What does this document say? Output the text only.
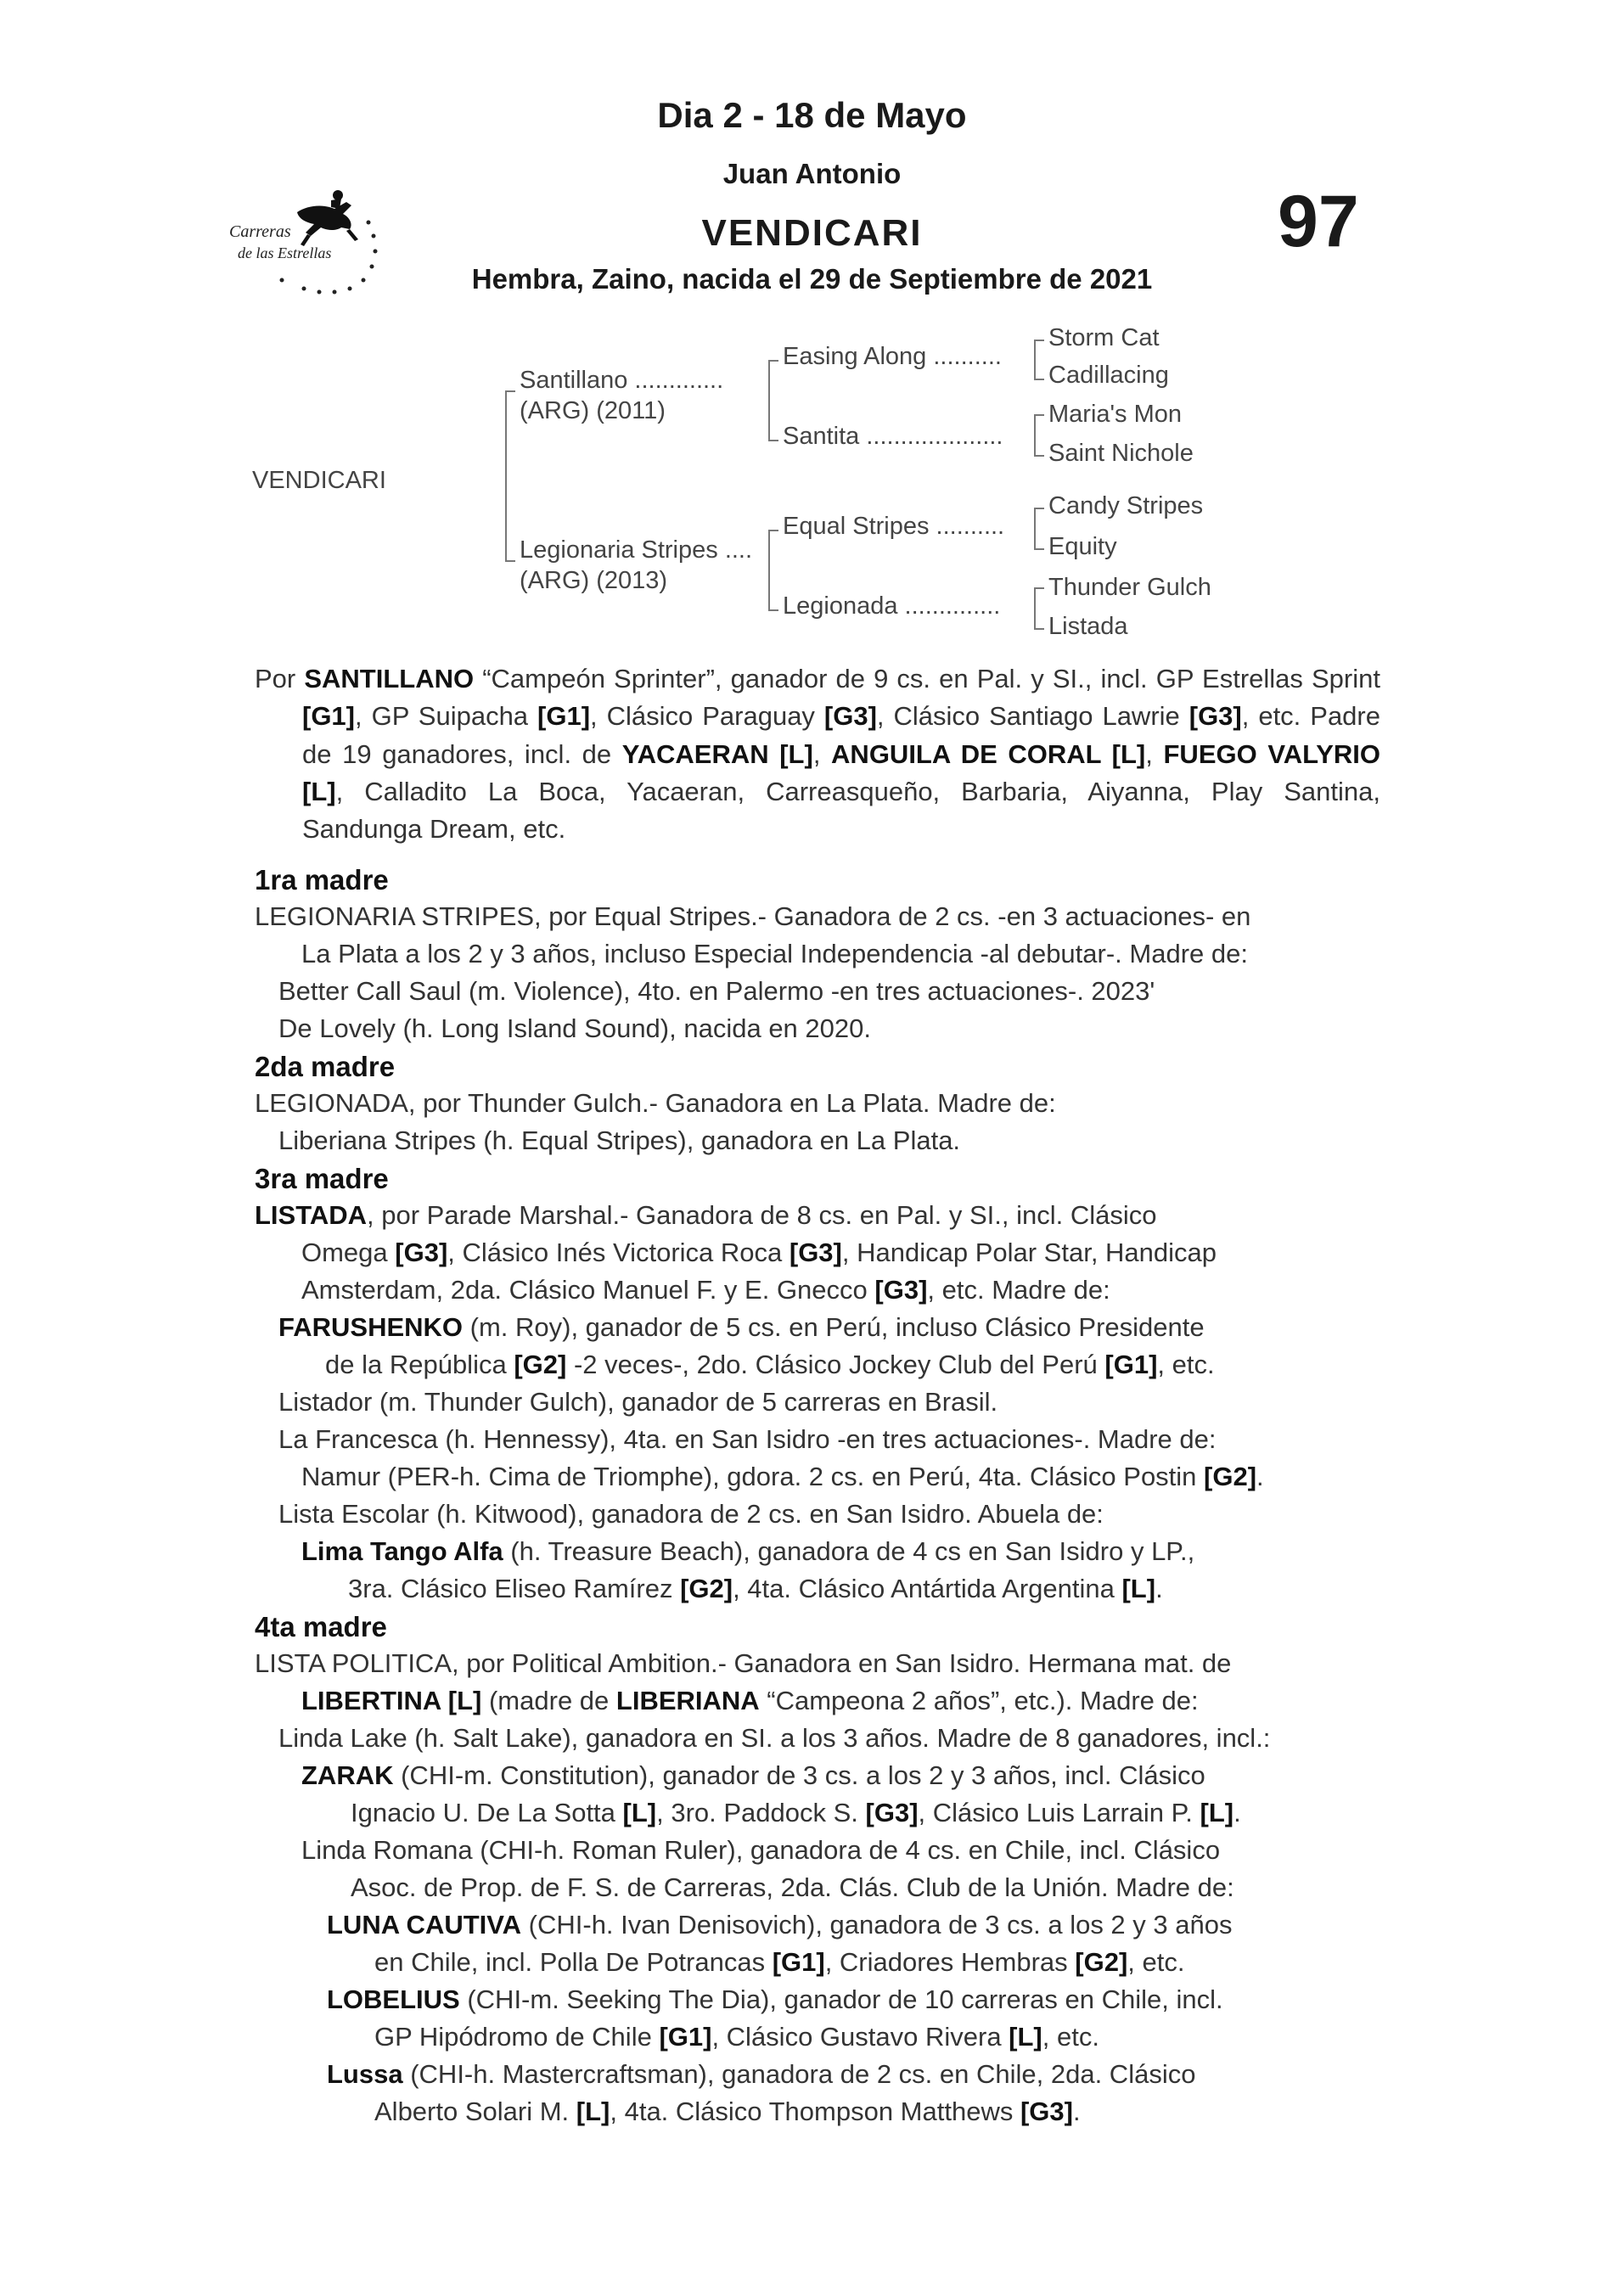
Dia 2 - 18 de Mayo
Juan Antonio
VENDICARI
Hembra, Zaino, nacida el 29 de Septiembre de 2021
97
Carreras
de las Estrellas
VENDICARI
Santillano .............
(ARG) (2011)
Legionaria Stripes ....
(ARG) (2013)
Easing Along ..........
Santita ....................
Equal Stripes ..........
Legionada ..............
Storm Cat
Cadillacing
Maria's Mon
Saint Nichole
Candy Stripes
Equity
Thunder Gulch
Listada
Por SANTILLANO “Campeón Sprinter”, ganador de 9 cs. en Pal. y SI., incl. GP Estrellas Sprint [G1], GP Suipacha [G1], Clásico Paraguay [G3], Clásico Santiago Lawrie [G3], etc. Padre de 19 ganadores, incl. de YACAERAN [L], ANGUILA DE CORAL [L], FUEGO VALYRIO [L], Calladito La Boca, Yacaeran, Carreasqueño, Barbaria, Aiyanna, Play Santina, Sandunga Dream, etc.
1ra madre
LEGIONARIA STRIPES, por Equal Stripes.- Ganadora de 2 cs. -en 3 actuaciones- en
La Plata a los 2 y 3 años, incluso Especial Independencia -al debutar-. Madre de:
Better Call Saul (m. Violence), 4to. en Palermo -en tres actuaciones-. 2023'
De Lovely (h. Long Island Sound), nacida en 2020.
2da madre
LEGIONADA, por Thunder Gulch.- Ganadora en La Plata. Madre de:
Liberiana Stripes (h. Equal Stripes), ganadora en La Plata.
3ra madre
LISTADA, por Parade Marshal.- Ganadora de 8 cs. en Pal. y SI., incl. Clásico
Omega [G3], Clásico Inés Victorica Roca [G3], Handicap Polar Star, Handicap
Amsterdam, 2da. Clásico Manuel F. y E. Gnecco [G3], etc. Madre de:
FARUSHENKO (m. Roy), ganador de 5 cs. en Perú, incluso Clásico Presidente
de la República [G2] -2 veces-, 2do. Clásico Jockey Club del Perú [G1], etc.
Listador (m. Thunder Gulch), ganador de 5 carreras en Brasil.
La Francesca (h. Hennessy), 4ta. en San Isidro -en tres actuaciones-. Madre de:
Namur (PER-h. Cima de Triomphe), gdora. 2 cs. en Perú, 4ta. Clásico Postin [G2].
Lista Escolar (h. Kitwood), ganadora de 2 cs. en San Isidro. Abuela de:
Lima Tango Alfa (h. Treasure Beach), ganadora de 4 cs en San Isidro y LP.,
3ra. Clásico Eliseo Ramírez [G2], 4ta. Clásico Antártida Argentina [L].
4ta madre
LISTA POLITICA, por Political Ambition.- Ganadora en San Isidro. Hermana mat. de
LIBERTINA [L] (madre de LIBERIANA “Campeona 2 años”, etc.). Madre de:
Linda Lake (h. Salt Lake), ganadora en SI. a los 3 años. Madre de 8 ganadores, incl.:
ZARAK (CHI-m. Constitution), ganador de 3 cs. a los 2 y 3 años, incl. Clásico
Ignacio U. De La Sotta [L], 3ro. Paddock S. [G3], Clásico Luis Larrain P. [L].
Linda Romana (CHI-h. Roman Ruler), ganadora de 4 cs. en Chile, incl. Clásico
Asoc. de Prop. de F. S. de Carreras, 2da. Clás. Club de la Unión. Madre de:
LUNA CAUTIVA (CHI-h. Ivan Denisovich), ganadora de 3 cs. a los 2 y 3 años
en Chile, incl. Polla De Potrancas [G1], Criadores Hembras [G2], etc.
LOBELIUS (CHI-m. Seeking The Dia), ganador de 10 carreras en Chile, incl.
GP Hipódromo de Chile [G1], Clásico Gustavo Rivera [L], etc.
Lussa (CHI-h. Mastercraftsman), ganadora de 2 cs. en Chile, 2da. Clásico
Alberto Solari M. [L], 4ta. Clásico Thompson Matthews [G3].
